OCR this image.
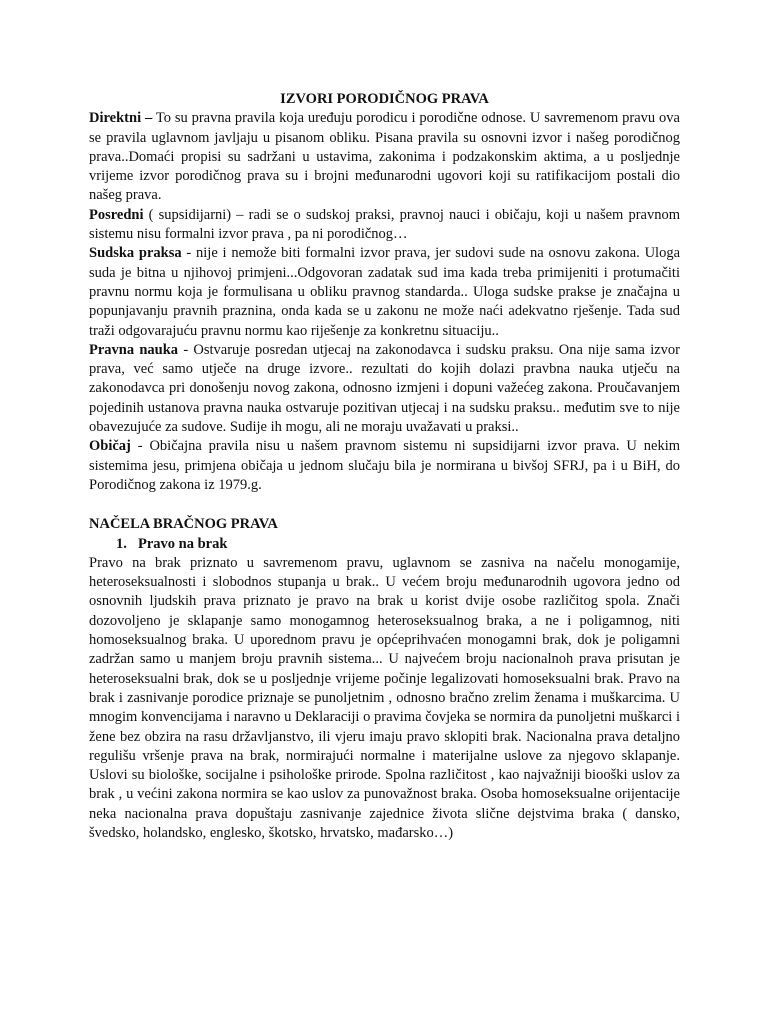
IZVORI PORODIČNOG PRAVA

Direktni – To su pravna pravila koja uređuju porodicu i porodične odnose. U savremenom pravu ova se pravila uglavnom javljaju u pisanom obliku. Pisana pravila su osnovni izvor i našeg porodičnog prava..Domaći propisi su sadržani u ustavima, zakonima i podzakonskim aktima, a u posljednje vrijeme izvor porodičnog prava su i brojni međunarodni ugovori koji su ratifikacijom postali dio našeg prava.

Posredni ( supsidijarni) – radi se o sudskoj praksi, pravnoj nauci i običaju, koji u našem pravnom sistemu nisu formalni izvor prava , pa ni porodičnog…

Sudska praksa - nije i nemože biti formalni izvor prava, jer sudovi sude na osnovu zakona. Uloga suda je bitna u njihovoj primjeni...Odgovoran zadatak sud ima kada treba primijeniti i protumačiti pravnu normu koja je formulisana u obliku pravnog standarda.. Uloga sudske prakse je značajna u popunjavanju pravnih praznina, onda kada se u zakonu ne može naći adekvatno rješenje. Tada sud traži odgovarajuću pravnu normu kao riješenje za konkretnu situaciju..

Pravna nauka - Ostvaruje posredan utjecaj na zakonodavca i sudsku praksu. Ona nije sama izvor prava, već samo utječe na druge izvore.. rezultati do kojih dolazi pravbna nauka utječu na zakonodavca pri donošenju novog zakona, odnosno izmjeni i dopuni važećeg zakona. Proučavanjem pojedinih ustanova pravna nauka ostvaruje pozitivan utjecaj i na sudsku praksu.. međutim sve to nije obavezujuće za sudove. Sudije ih mogu, ali ne moraju uvažavati u praksi..

Običaj - Običajna pravila nisu u našem pravnom sistemu ni supsidijarni izvor prava. U nekim sistemima jesu, primjena običaja u jednom slučaju bila je normirana u bivšoj SFRJ, pa i u BiH, do Porodičnog zakona iz 1979.g.

NAČELA BRAČNOG PRAVA

1. Pravo na brak

Pravo na brak priznato u savremenom pravu, uglavnom se zasniva na načelu monogamije, heteroseksualnosti i slobodnos stupanja u brak.. U većem broju međunarodnih ugovora jedno od osnovnih ljudskih prava priznato je pravo na brak u korist dvije osobe različitog spola. Znači dozovoljeno je sklapanje samo monogamnog heteroseksualnog braka, a ne i poligamnog, niti homoseksualnog braka. U uporednom pravu je općeprihvaćen monogamni brak, dok je poligamni zadržan samo u manjem broju pravnih sistema... U najvećem broju nacionalnoh prava prisutan je heteroseksualni brak, dok se u posljednje vrijeme počinje legalizovati homoseksualni brak. Pravo na brak i zasnivanje porodice priznaje se punoljetnim , odnosno bračno zrelim ženama i muškarcima. U mnogim konvencijama i naravno u Deklaraciji o pravima čovjeka se normira da punoljetni muškarci i žene bez obzira na rasu državljanstvo, ili vjeru imaju pravo sklopiti brak. Nacionalna prava detaljno regulišu vršenje prava na brak, normirajući normalne i materijalne uslove za njegovo sklapanje. Uslovi su biološke, socijalne i psihološke prirode. Spolna različitost , kao najvažniji biooški uslov za brak , u većini zakona normira se kao uslov za punovažnost braka. Osoba homoseksualne orijentacije neka nacionalna prava dopuštaju zasnivanje zajednice života slične dejstvima braka ( dansko, švedsko, holandsko, englesko, škotsko, hrvatsko, mađarsko…)
